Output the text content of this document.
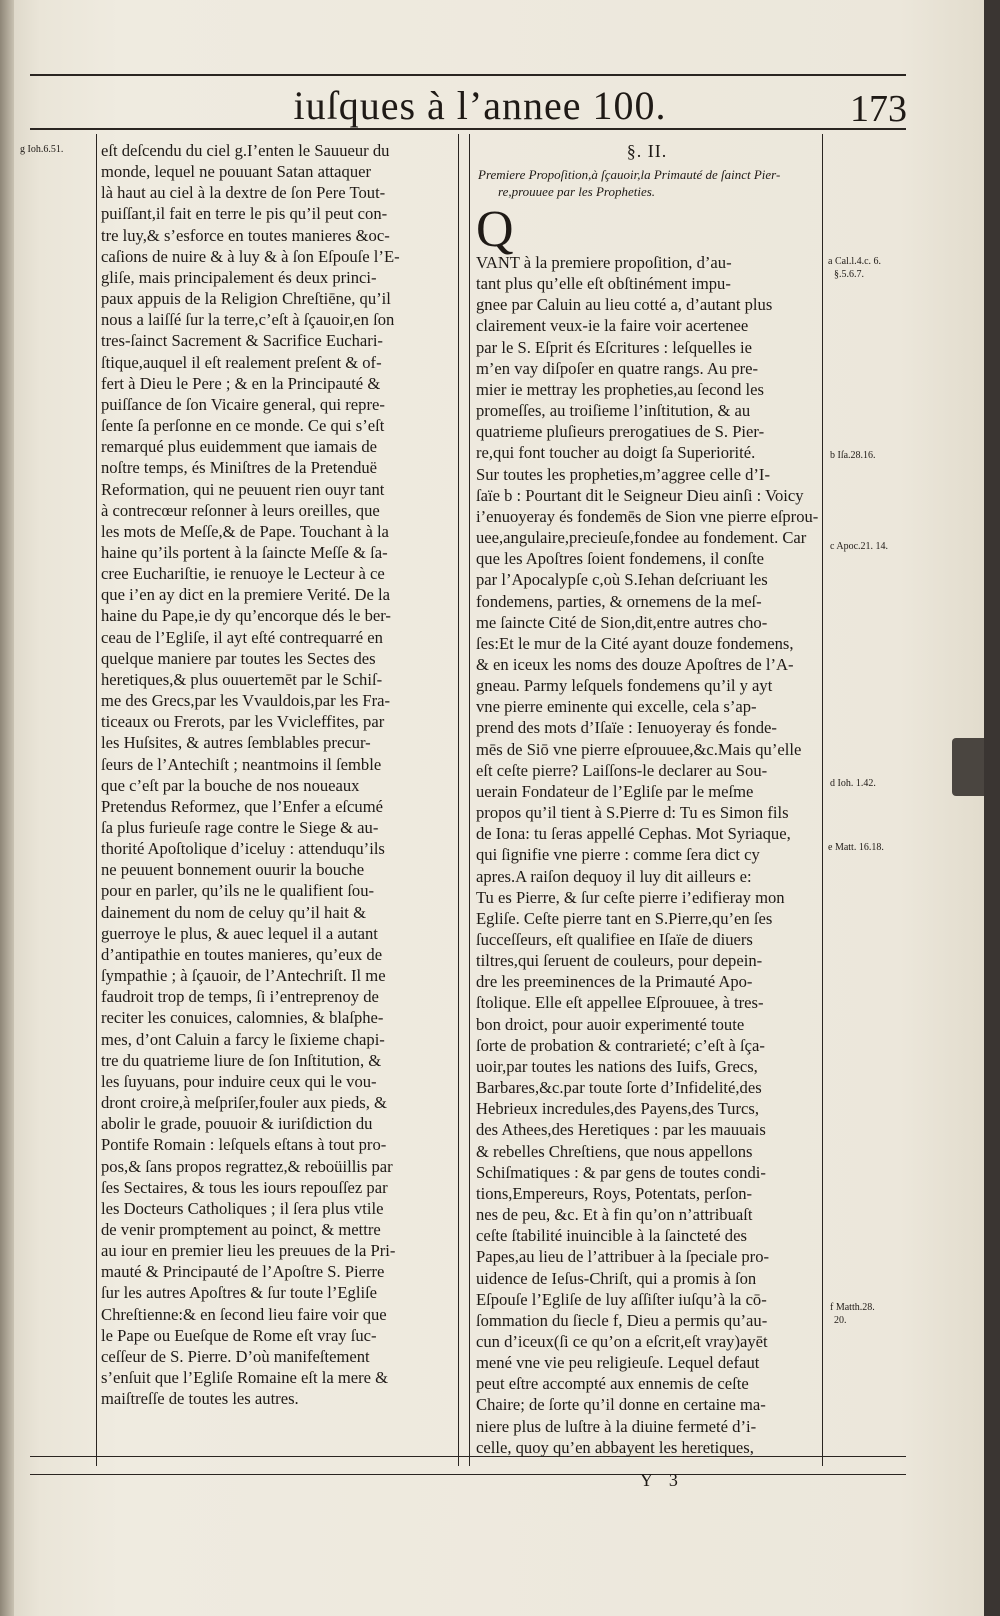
iuſques à l’annee 100.	173
g Ioh.6.51. eſt deſcendu du ciel g.I’enten le Sauueur du
monde, lequel ne pouuant Satan attaquer
là haut au ciel à la dextre de ſon Pere Tout-
puiſſant,il fait en terre le pis qu’il peut con-
tre luy,& s’esforce en toutes manieres &oc-
caſions de nuire & à luy & à ſon Eſpouſe l’E-
gliſe, mais principalement és deux princi-
paux appuis de la Religion Chreſtiēne, qu’il
nous a laiſſé ſur la terre,c’eſt à ſçauoir,en ſon
tres-ſainct Sacrement & Sacrifice Euchari-
ſtique,auquel il eſt realement preſent & of-
fert à Dieu le Pere ; & en la Principauté &
puiſſance de ſon Vicaire general, qui repre-
ſente ſa perſonne en ce monde. Ce qui s’eſt
remarqué plus euidemment que iamais de
noſtre temps, és Miniſtres de la Pretenduë
Reformation, qui ne peuuent rien ouyr tant
à contrecœur reſonner à leurs oreilles, que
les mots de Meſſe,& de Pape. Touchant à la
haine qu’ils portent à la ſaincte Meſſe & ſa-
cree Euchariſtie, ie renuoye le Lecteur à ce
que i’en ay dict en la premiere Verité. De la
haine du Pape,ie dy qu’encorque dés le ber-
ceau de l’Egliſe, il ayt eſté contrequarré en
quelque maniere par toutes les Sectes des
heretiques,& plus ouuertemēt par le Schiſ-
me des Grecs,par les Vvauldois,par les Fra-
ticeaux ou Frerots, par les Vvicleffites, par
les Huſsites, & autres ſemblables precur-
ſeurs de l’Antechiſt ; neantmoins il ſemble
que c’eſt par la bouche de nos noueaux
Pretendus Reformez, que l’Enfer a eſcumé
ſa plus furieuſe rage contre le Siege & au-
thorité Apoſtolique d’iceluy : attenduqu’ils
ne peuuent bonnement ouurir la bouche
pour en parler, qu’ils ne le qualifient ſou-
dainement du nom de celuy qu’il hait &
guerroye le plus, & auec lequel il a autant
d’antipathie en toutes manieres, qu’eux de
ſympathie ; à ſçauoir, de l’Antechriſt. Il me
faudroit trop de temps, ſi i’entreprenoy de
reciter les conuices, calomnies, & blaſphe-
mes, d’ont Caluin a farcy le ſixieme chapi-
tre du quatrieme liure de ſon Inſtitution, &
les ſuyuans, pour induire ceux qui le vou-
dront croire,à meſpriſer,fouler aux pieds, &
abolir le grade, pouuoir & iuriſdiction du
Pontife Romain : leſquels eſtans à tout pro-
pos,& ſans propos regrattez,& reboüillis par
ſes Sectaires, & tous les iours repouſſez par
les Docteurs Catholiques ; il ſera plus vtile
de venir promptement au poinct, & mettre
au iour en premier lieu les preuues de la Pri-
mauté & Principauté de l’Apoſtre S. Pierre
ſur les autres Apoſtres & ſur toute l’Egliſe
Chreſtienne:& en ſecond lieu faire voir que
le Pape ou Eueſque de Rome eſt vray ſuc-
ceſſeur de S. Pierre. D’où manifeſtement
s’enſuit que l’Egliſe Romaine eſt la mere &
maiſtreſſe de toutes les autres.
§. II.
Premiere Propoſition,à ſçauoir,la Primauté de ſainct Pier-
re,prouuee par les Propheties.
Q
VANT à la premiere propoſition, d’au-
tant plus qu’elle eſt obſtinément impu-
gnee par Caluin au lieu cotté a, d’autant plus
clairement veux-ie la faire voir acertenee
par le S. Eſprit és Eſcritures : leſquelles ie
m’en vay diſpoſer en quatre rangs. Au pre-
mier ie mettray les propheties,au ſecond les
promeſſes, au troiſieme l’inſtitution, & au
quatrieme pluſieurs prerogatiues de S. Pier-
re,qui font toucher au doigt ſa Superiorité.
Sur toutes les propheties,m’aggree celle d’I-
ſaïe b : Pourtant dit le Seigneur Dieu ainſi : Voicy
i’enuoyeray és fondemēs de Sion vne pierre eſprou-
uee,angulaire,precieuſe,fondee au fondement. Car
que les Apoſtres ſoient fondemens, il conſte
par l’Apocalypſe c,où S.Iehan deſcriuant les
fondemens, parties, & ornemens de la meſ-
me ſaincte Cité de Sion,dit,entre autres cho-
ſes:Et le mur de la Cité ayant douze fondemens,
& en iceux les noms des douze Apoſtres de l’A-
gneau. Parmy leſquels fondemens qu’il y ayt
vne pierre eminente qui excelle, cela s’ap-
prend des mots d’Iſaïe : Ienuoyeray és fonde-
mēs de Siō vne pierre eſprouuee,&c.Mais qu’elle
eſt ceſte pierre? Laiſſons-le declarer au Sou-
uerain Fondateur de l’Egliſe par le meſme
propos qu’il tient à S.Pierre d: Tu es Simon fils
de Iona: tu ſeras appellé Cephas. Mot Syriaque,
qui ſignifie vne pierre : comme ſera dict cy
apres.A raiſon dequoy il luy dit ailleurs e:
Tu es Pierre, & ſur ceſte pierre i’edifieray mon
Egliſe. Ceſte pierre tant en S.Pierre,qu’en ſes
ſucceſſeurs, eſt qualifiee en Iſaïe de diuers
tiltres,qui ſeruent de couleurs, pour depein-
dre les preeminences de la Primauté Apo-
ſtolique. Elle eſt appellee Eſprouuee, à tres-
bon droict, pour auoir experimenté toute
ſorte de probation & contrarieté; c’eſt à ſça-
uoir,par toutes les nations des Iuifs, Grecs,
Barbares,&c.par toute ſorte d’Infidelité,des
Hebrieux incredules,des Payens,des Turcs,
des Athees,des Heretiques : par les mauuais
& rebelles Chreſtiens, que nous appellons
Schiſmatiques : & par gens de toutes condi-
tions,Empereurs, Roys, Potentats, perſon-
nes de peu, &c. Et à fin qu’on n’attribuaſt
ceſte ſtabilité inuincible à la ſaincteté des
Papes,au lieu de l’attribuer à la ſpeciale pro-
uidence de Ieſus-Chriſt, qui a promis à ſon
Eſpouſe l’Egliſe de luy aſſiſter iuſqu’à la cō-
ſommation du ſiecle f, Dieu a permis qu’au-
cun d’iceux(ſi ce qu’on a eſcrit,eſt vray)ayēt
mené vne vie peu religieuſe. Lequel defaut
peut eſtre accompté aux ennemis de ceſte
Chaire; de ſorte qu’il donne en certaine ma-
niere plus de luſtre à la diuine fermeté d’i-
celle, quoy qu’en abbayent les heretiques,
a Cal.l.4.c. 6.
§.5.6.7.
b Iſa.28.16.
c Apoc.21. 14.
d Ioh. 1.42.
e Matt. 16.18.
f Matth.28.
20.
Y 3
